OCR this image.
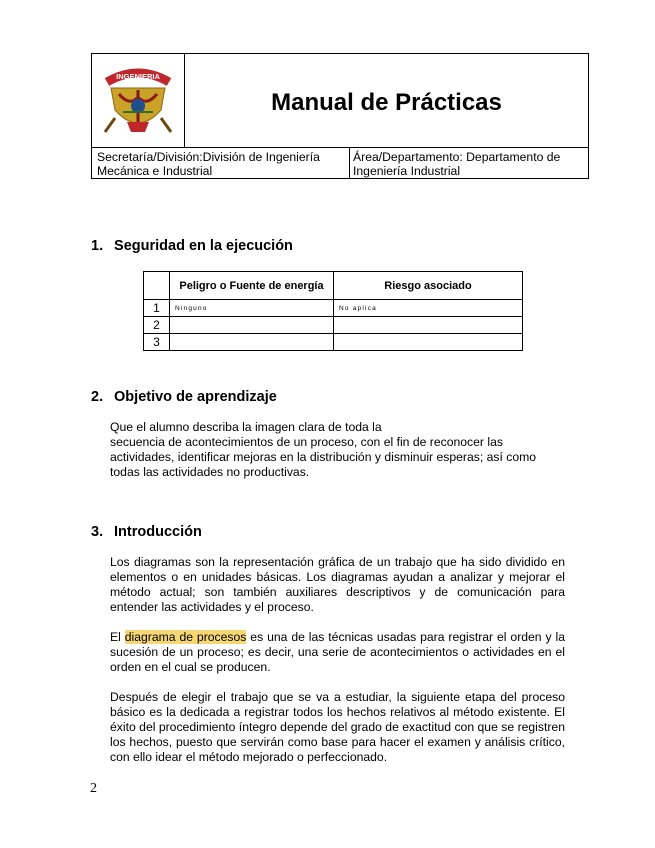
INGENIERIA
Manual de Prácticas
Secretaría/División:División de Ingeniería
Mecánica e Industrial
Área/Departamento: Departamento de
Ingeniería Industrial
1. Seguridad en la ejecución
	Peligro o Fuente de energía	Riesgo asociado
1	Ninguno	No aplica
2		
3		
2. Objetivo de aprendizaje
Que el alumno describa la imagen clara de toda la
secuencia de acontecimientos de un proceso, con el fin de reconocer las
actividades, identificar mejoras en la distribución y disminuir esperas; así como
todas las actividades no productivas.
3. Introducción
Los diagramas son la representación gráfica de un trabajo que ha sido dividido en elementos o en unidades básicas. Los diagramas ayudan a analizar y mejorar el método actual; son también auxiliares descriptivos y de comunicación para entender las actividades y el proceso.
El diagrama de procesos es una de las técnicas usadas para registrar el orden y la sucesión de un proceso; es decir, una serie de acontecimientos o actividades en el orden en el cual se producen.
Después de elegir el trabajo que se va a estudiar, la siguiente etapa del proceso básico es la dedicada a registrar todos los hechos relativos al método existente. El éxito del procedimiento íntegro depende del grado de exactitud con que se registren los hechos, puesto que servirán como base para hacer el examen y análisis crítico, con ello idear el método mejorado o perfeccionado.
2
